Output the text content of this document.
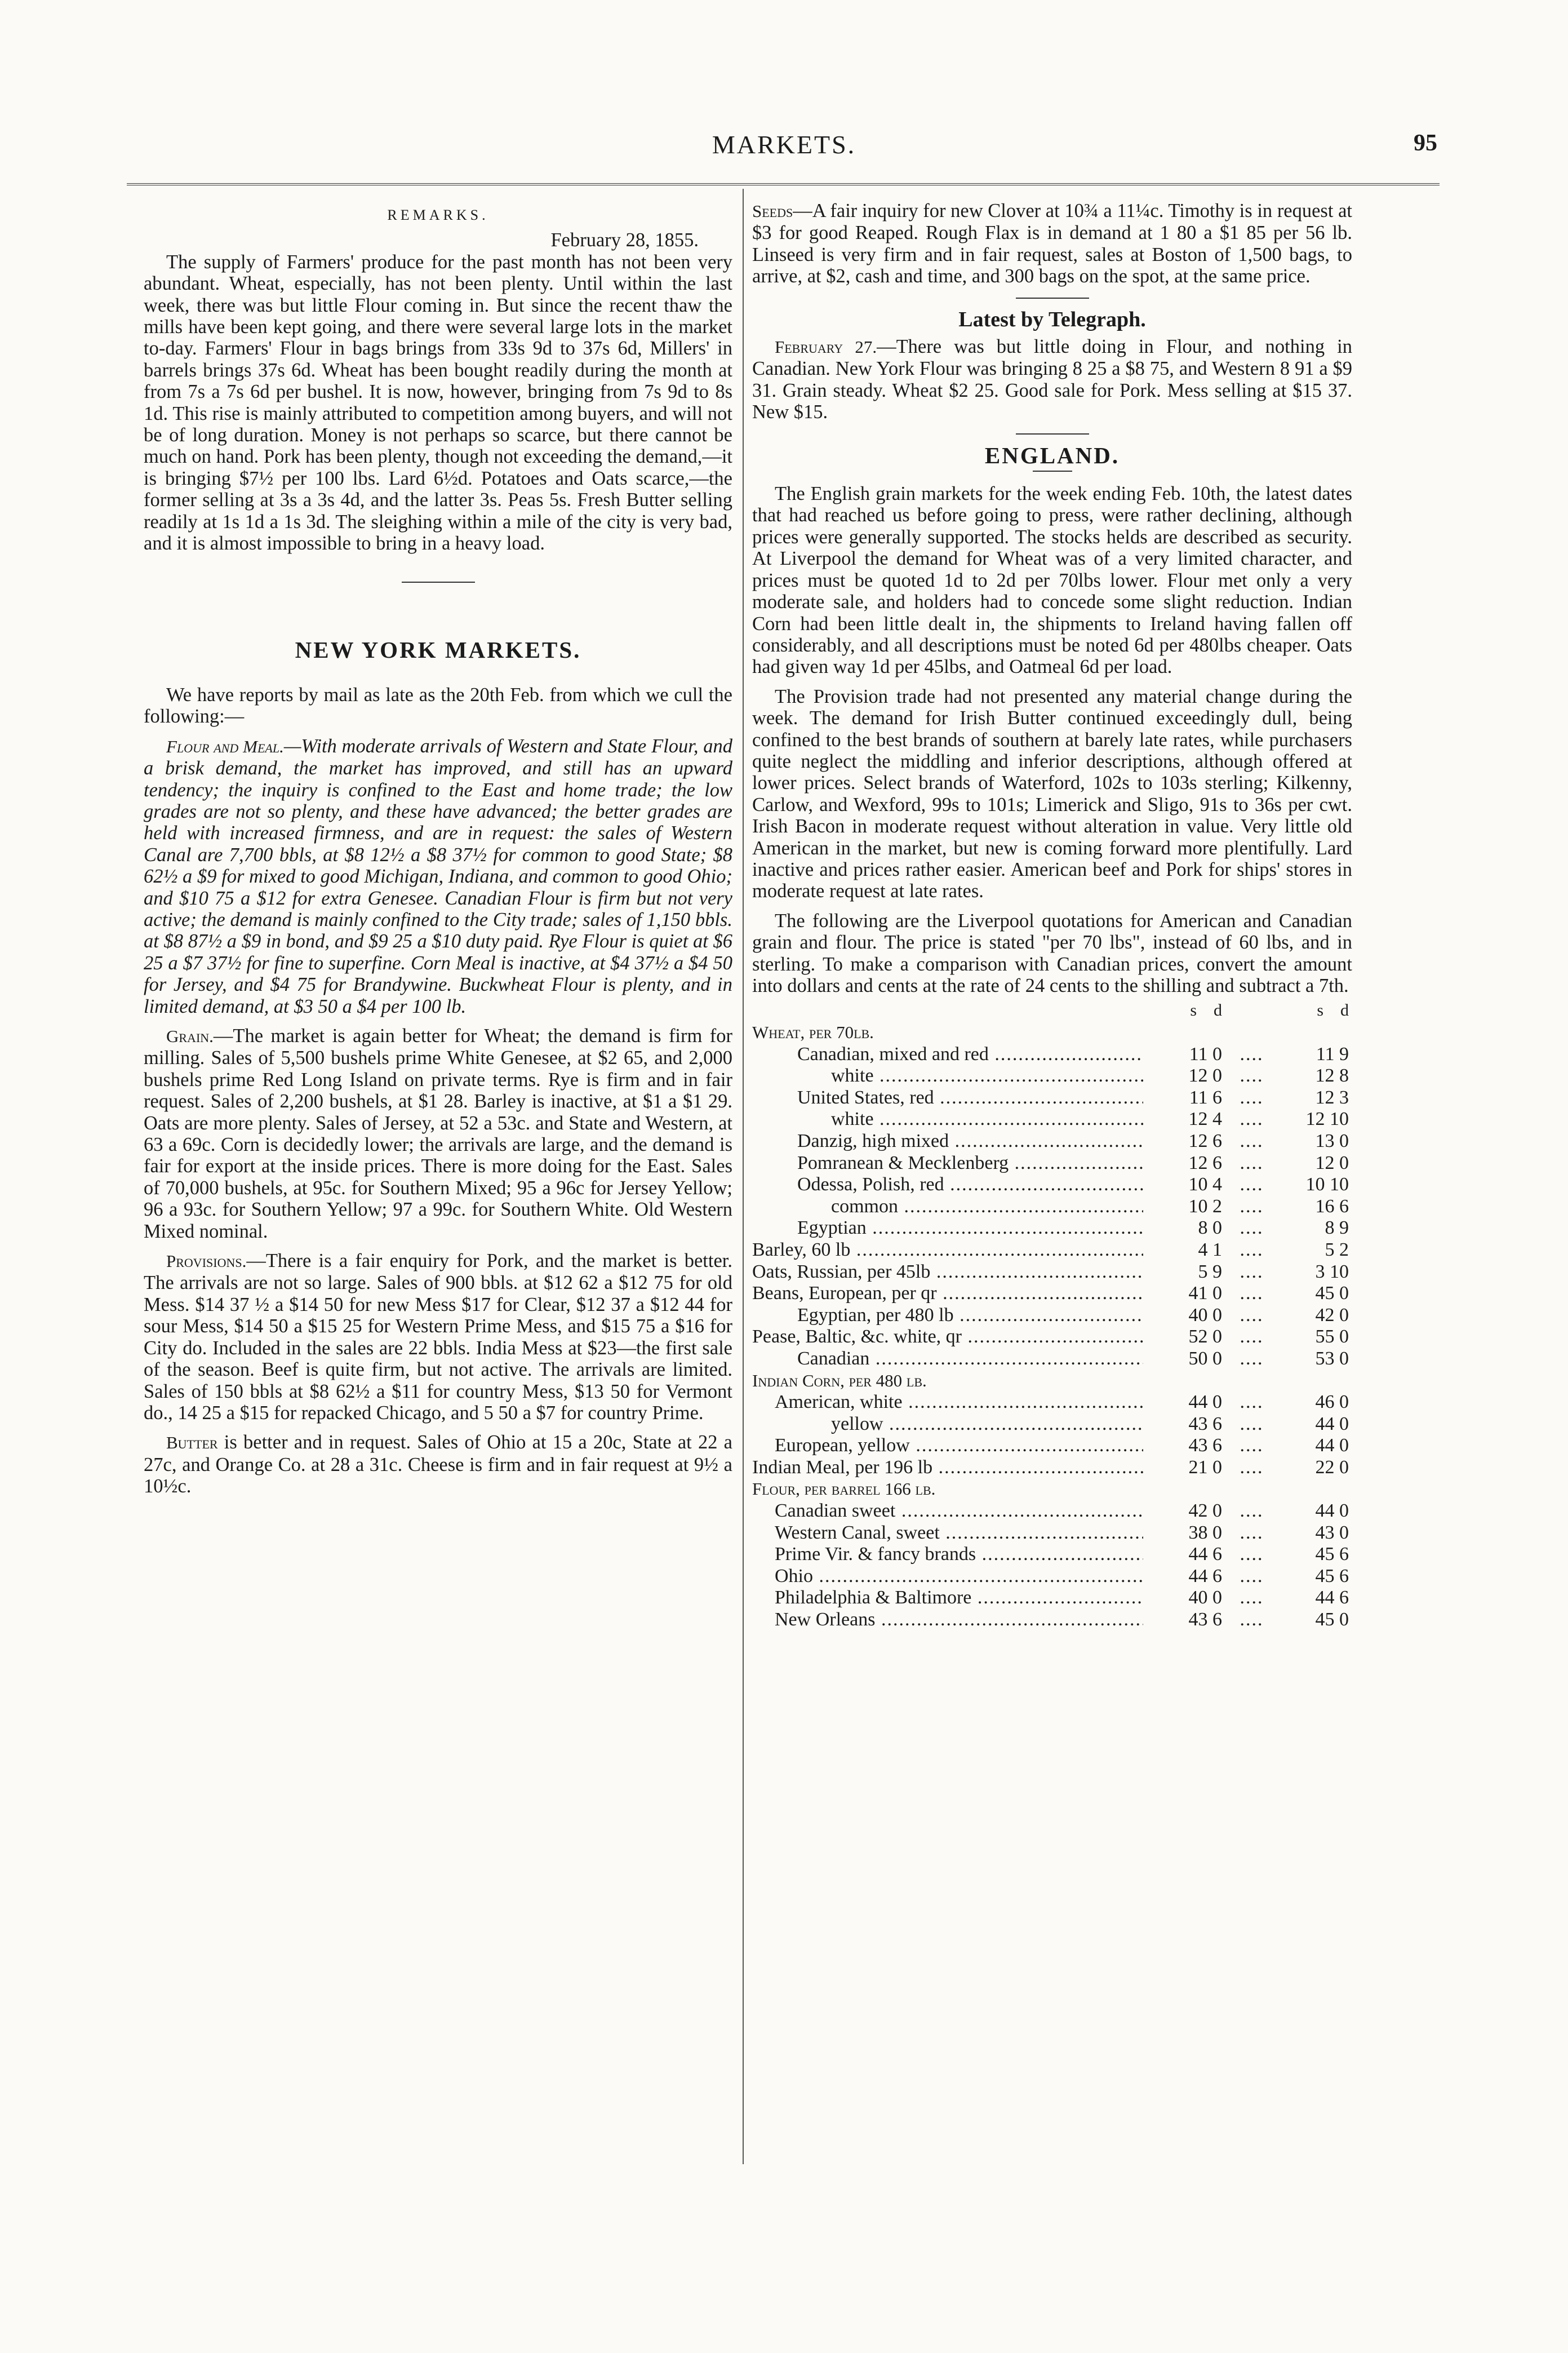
MARKETS.	95
REMARKS.
February 28, 1855.

The supply of Farmers' produce for the past month has not been very abundant. Wheat, especially, has not been plenty. Until within the last week, there was but little Flour coming in. But since the recent thaw the mills have been kept going, and there were several large lots in the market to-day. Farmers' Flour in bags brings from 33s 9d to 37s 6d, Millers' in barrels brings 37s 6d. Wheat has been bought readily during the month at from 7s a 7s 6d per bushel. It is now, however, bringing from 7s 9d to 8s 1d. This rise is mainly attributed to competition among buyers, and will not be of long duration. Money is not perhaps so scarce, but there cannot be much on hand. Pork has been plenty, though not exceeding the demand,—it is bringing $7½ per 100 lbs. Lard 6½d. Potatoes and Oats scarce,—the former selling at 3s a 3s 4d, and the latter 3s. Peas 5s. Fresh Butter selling readily at 1s 1d a 1s 3d. The sleighing within a mile of the city is very bad, and it is almost impossible to bring in a heavy load.

NEW YORK MARKETS.

We have reports by mail as late as the 20th Feb. from which we cull the following:—

Flour and Meal.—With moderate arrivals of Western and State Flour, and a brisk demand, the market has improved, and still has an upward tendency; the inquiry is confined to the East and home trade; the low grades are not so plenty, and these have advanced; the better grades are held with increased firmness, and are in request: the sales of Western Canal are 7,700 bbls, at $8 12½ a $8 37½ for common to good State; $8 62½ a $9 for mixed to good Michigan, Indiana, and common to good Ohio; and $10 75 a $12 for extra Genesee. Canadian Flour is firm but not very active; the demand is mainly confined to the City trade; sales of 1,150 bbls. at $8 87½ a $9 in bond, and $9 25 a $10 duty paid. Rye Flour is quiet at $6 25 a $7 37½ for fine to superfine. Corn Meal is inactive, at $4 37½ a $4 50 for Jersey, and $4 75 for Brandywine. Buckwheat Flour is plenty, and in limited demand, at $3 50 a $4 per 100 lb.

Grain.—The market is again better for Wheat; the demand is firm for milling. Sales of 5,500 bushels prime White Genesee, at $2 65, and 2,000 bushels prime Red Long Island on private terms. Rye is firm and in fair request. Sales of 2,200 bushels, at $1 28. Barley is inactive, at $1 a $1 29. Oats are more plenty. Sales of Jersey, at 52 a 53c. and State and Western, at 63 a 69c. Corn is decidedly lower; the arrivals are large, and the demand is fair for export at the inside prices. There is more doing for the East. Sales of 70,000 bushels, at 95c. for Southern Mixed; 95 a 96c for Jersey Yellow; 96 a 93c. for Southern Yellow; 97 a 99c. for Southern White. Old Western Mixed nominal.

Provisions.—There is a fair enquiry for Pork, and the market is better. The arrivals are not so large. Sales of 900 bbls. at $12 62 a $12 75 for old Mess. $14 37 ½ a $14 50 for new Mess $17 for Clear, $12 37 a $12 44 for sour Mess, $14 50 a $15 25 for Western Prime Mess, and $15 75 a $16 for City do. Included in the sales are 22 bbls. India Mess at $23—the first sale of the season. Beef is quite firm, but not active. The arrivals are limited. Sales of 150 bbls at $8 62½ a $11 for country Mess, $13 50 for Vermont do., 14 25 a $15 for repacked Chicago, and 5 50 a $7 for country Prime.

Butter is better and in request. Sales of Ohio at 15 a 20c, State at 22 a 27c, and Orange Co. at 28 a 31c. Cheese is firm and in fair request at 9½ a 10½c.

Seeds—A fair inquiry for new Clover at 10¾ a 11¼c. Timothy is in request at $3 for good Reaped. Rough Flax is in demand at 1 80 a $1 85 per 56 lb. Linseed is very firm and in fair request, sales at Boston of 1,500 bags, to arrive, at $2, cash and time, and 300 bags on the spot, at the same price.

Latest by Telegraph.

February 27.—There was but little doing in Flour, and nothing in Canadian. New York Flour was bringing 8 25 a $8 75, and Western 8 91 a $9 31. Grain steady. Wheat $2 25. Good sale for Pork. Mess selling at $15 37. New $15.

ENGLAND.

The English grain markets for the week ending Feb. 10th, the latest dates that had reached us before going to press, were rather declining, although prices were generally supported. The stocks helds are described as security. At Liverpool the demand for Wheat was of a very limited character, and prices must be quoted 1d to 2d per 70lbs lower. Flour met only a very moderate sale, and holders had to concede some slight reduction. Indian Corn had been little dealt in, the shipments to Ireland having fallen off considerably, and all descriptions must be noted 6d per 480lbs cheaper. Oats had given way 1d per 45lbs, and Oatmeal 6d per load.

The Provision trade had not presented any material change during the week. The demand for Irish Butter continued exceedingly dull, being confined to the best brands of southern at barely late rates, while purchasers quite neglect the middling and inferior descriptions, although offered at lower prices. Select brands of Waterford, 102s to 103s sterling; Kilkenny, Carlow, and Wexford, 99s to 101s; Limerick and Sligo, 91s to 36s per cwt. Irish Bacon in moderate request without alteration in value. Very little old American in the market, but new is coming forward more plentifully. Lard inactive and prices rather easier. American beef and Pork for ships' stores in moderate request at late rates.

The following are the Liverpool quotations for American and Canadian grain and flour. The price is stated "per 70 lbs", instead of 60 lbs, and in sterling. To make a comparison with Canadian prices, convert the amount into dollars and cents at the rate of 24 cents to the shilling and subtract a 7th.

s d	s d
Wheat, per 70lb.
Canadian, mixed and red .....	11 0 ....	11 9
white .....	12 0 ....	12 8
United States, red .....	11 6 ....	12 3
white .....	12 4 ....	12 10
Danzig, high mixed .....	12 6 ....	13 0
Pomranean & Mecklenberg .....	12 6 ....	12 0
Odessa, Polish, red .....	10 4 ....	10 10
common .....	10 2 ....	16 6
Egyptian .....	8 0 ....	8 9
Barley, 60 lb .....	4 1 ....	5 2
Oats, Russian, per 45lb .....	5 9 ....	3 10
Beans, European, per qr .....	41 0 ....	45 0
Egyptian, per 480 lb .....	40 0 ....	42 0
Pease, Baltic, &c. white, qr .....	52 0 ....	55 0
Canadian .....	50 0 ....	53 0
Indian Corn, per 480 lb.
American, white .....	44 0 ....	46 0
yellow .....	43 6 ....	44 0
European, yellow .....	43 6 ....	44 0
Indian Meal, per 196 lb .....	21 0 ....	22 0
Flour, per barrel 166 lb.
Canadian sweet .....	42 0 ....	44 0
Western Canal, sweet .....	38 0 ....	43 0
Prime Vir. & fancy brands .....	44 6 ....	45 6
Ohio .....	44 6 ....	45 6
Philadelphia & Baltimore .....	40 0 ....	44 6
New Orleans .....	43 6 ....	45 0
